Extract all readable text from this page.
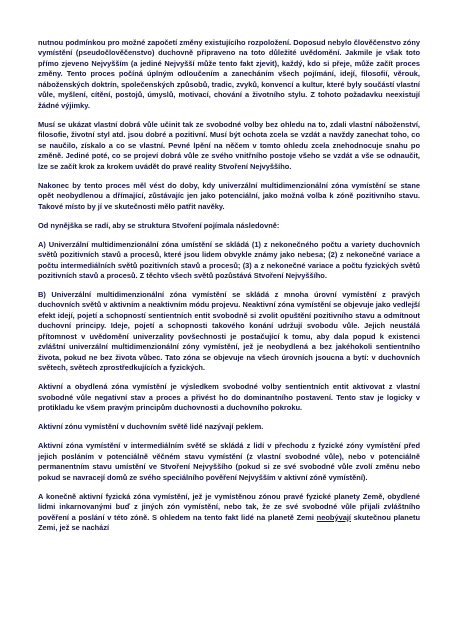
nutnou podmínkou pro možné započetí změny existujícího rozpoložení. Doposud nebylo člověčenstvo zóny vymístění (pseudočlověčenstvo) duchovně připraveno na toto důležité uvědomění. Jakmile je však toto přímo zjeveno Nejvyšším (a jediné Nejvyšší může tento fakt zjevit), každý, kdo si přeje, může začít proces změny. Tento proces počíná úplným odloučením a zanecháním všech pojímání, idejí, filosofií, věrouk, náboženských doktrín, společenských způsobů, tradic, zvyků, konvencí a kultur, které byly součástí vlastní vůle, myšlení, cítění, postojů, úmyslů, motivací, chování a životního stylu. Z tohoto požadavku neexistují žádné výjimky.

Musí se ukázat vlastní dobrá vůle učinit tak ze svobodné volby bez ohledu na to, zdali vlastní náboženství, filosofie, životní styl atd. jsou dobré a pozitivní. Musí být ochota zcela se vzdát a navždy zanechat toho, co se naučilo, získalo a co se vlastní. Pevné lpění na něčem v tomto ohledu zcela znehodnocuje snahu po změně. Jediné poté, co se projeví dobrá vůle ze svého vnitřního postoje všeho se vzdát a vše se odnaučit, lze se začít krok za krokem uvádět do pravé reality Stvoření Nejvyššího.

Nakonec by tento proces měl vést do doby, kdy univerzální multidimenzionální zóna vymístění se stane opět neobydlenou a dřímající, zůstávajíc jen jako potenciální, jako možná volba k zóně pozitivního stavu. Takové místo by jí ve skutečnosti mělo patřit navěky.

Od nynějška se radí, aby se struktura Stvoření pojímala následovně:

A) Univerzální multidimenzionální zóna umístění se skládá (1) z nekonečného počtu a variety duchovních světů pozitivních stavů a procesů, které jsou lidem obvykle známy jako nebesa; (2) z nekonečné variace a počtu intermediálních světů pozitivních stavů a procesů; (3) a z nekonečné variace a počtu fyzických světů pozitivních stavů a procesů. Z těchto všech světů pozůstává Stvoření Nejvyššího.

B) Univerzální multidimenzionální zóna vymístění se skládá z mnoha úrovní vymístění z pravých duchovních světů v aktivním a neaktivním módu projevu. Neaktivní zóna vymístění se objevuje jako vedlejší efekt idejí, pojetí a schopností sentientních entit svobodně si zvolit opuštění pozitivního stavu a odmítnout duchovní principy. Ideje, pojetí a schopnosti takového konání udržují svobodu vůle. Jejich neustálá přítomnost v uvědomění univerzality povšechnosti je postačující k tomu, aby dala popud k existenci zvláštní univerzální multidimenzionální zóny vymístění, jež je neobydlená a bez jakéhokoli sentientního života, pokud ne bez života vůbec. Tato zóna se objevuje na všech úrovních jsoucna a bytí: v duchovních světech, světech zprostředkujících a fyzických.

Aktivní a obydlená zóna vymístění je výsledkem svobodné volby sentientních entit aktivovat z vlastní svobodné vůle negativní stav a proces a přivést ho do dominantního postavení. Tento stav je logicky v protikladu ke všem pravým principům duchovnosti a duchovního pokroku.

Aktivní zónu vymístění v duchovním světě lidé nazývají peklem.

Aktivní zóna vymístění v intermediálním světě se skládá z lidí v přechodu z fyzické zóny vymístění před jejich posláním v potenciálně věčném stavu vymístění (z vlastní svobodné vůle), nebo v potenciálně permanentním stavu umístění ve Stvoření Nejvyššího (pokud si ze své svobodné vůle zvolí změnu nebo pokud se navracejí domů ze svého speciálního pověření Nejvyšším v aktivní zóně vymístění).

A konečně aktivní fyzická zóna vymístění, jež je vymístěnou zónou pravé fyzické planety Země, obydlené lidmi inkarnovanými buď z jiných zón vymístění, nebo tak, že ze své svobodné vůle přijali zvláštního pověření a poslání v této zóně. S ohledem na tento fakt lidé na planetě Zemi neobývají skutečnou planetu Zemi, jež se nachází
